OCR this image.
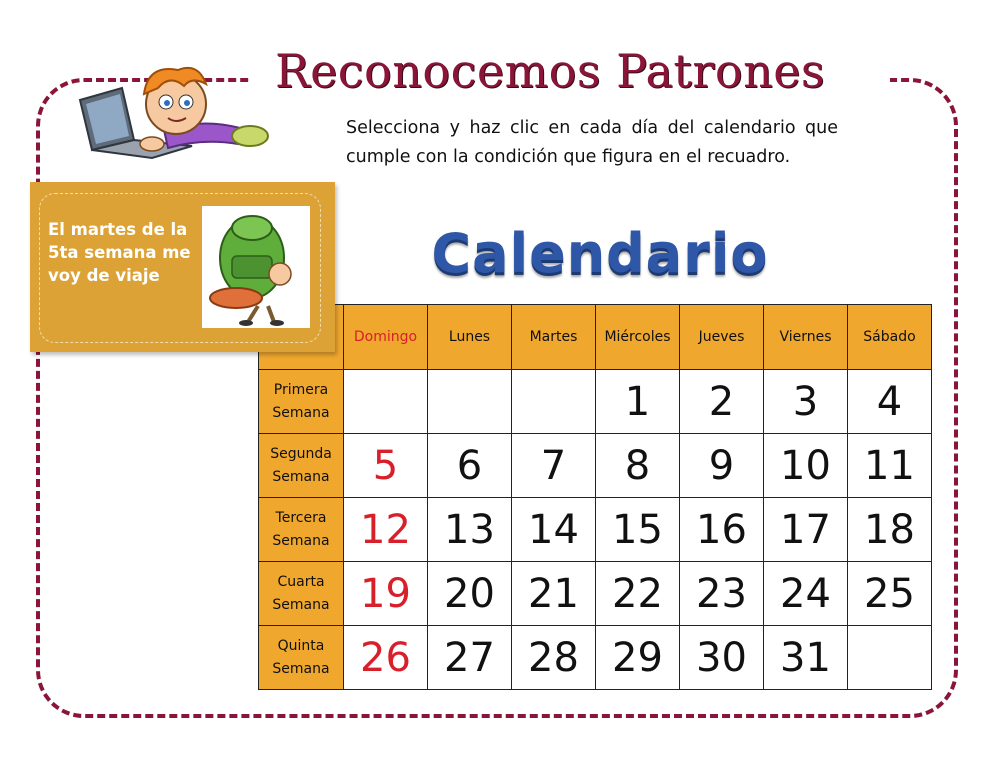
Reconocemos Patrones
Selecciona y haz clic en cada día del calendario que cumple con la condición que figura en el recuadro.
Calendario
El martes de la 5ta semana me voy de viaje
	Domingo	Lunes	Martes	Miércoles	Jueves	Viernes	Sábado
Primera
Semana				1	2	3	4
Segunda
Semana	5	6	7	8	9	10	11
Tercera
Semana	12	13	14	15	16	17	18
Cuarta
Semana	19	20	21	22	23	24	25
Quinta
Semana	26	27	28	29	30	31	
